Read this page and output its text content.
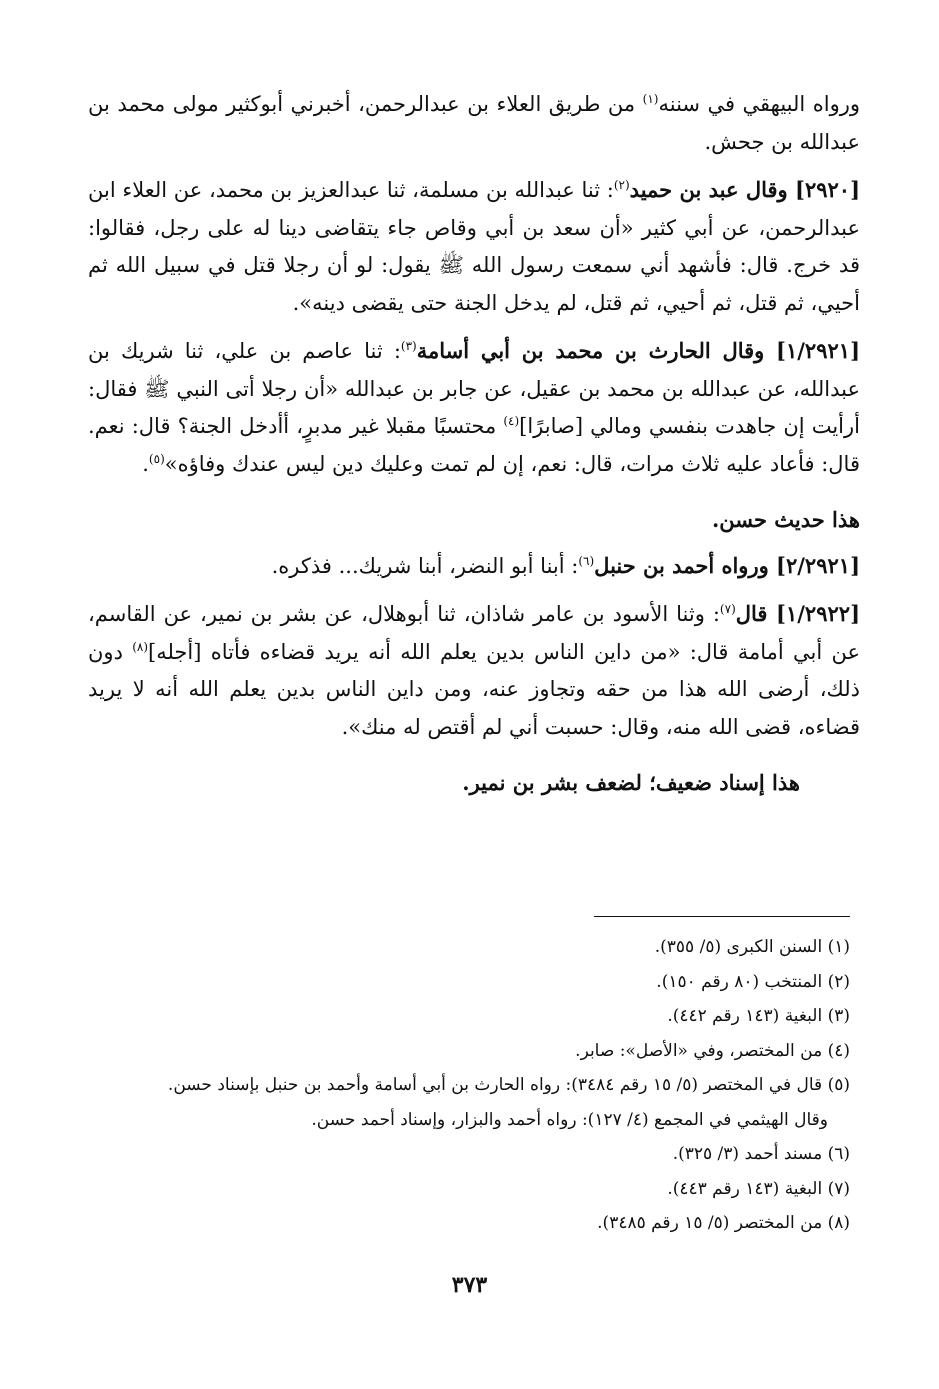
ورواه البيهقي في سننه$^{(١)}$ من طريق العلاء بن عبدالرحمن، أخبرني أبوكثير مولى محمد بن عبدالله بن جحش.

[٢٩٢٠] وقال عبد بن حميد$^{(٢)}$: ثنا عبدالله بن مسلمة، ثنا عبدالعزيز بن محمد، عن العلاء ابن عبدالرحمن، عن أبي كثير «أن سعد بن أبي وقاص جاء يتقاضى دينا له على رجل، فقالوا: قد خرج. قال: فأشهد أني سمعت رسول الله ﷺ يقول: لو أن رجلا قتل في سبيل الله ثم أحيي، ثم قتل، ثم أحيي، ثم قتل، لم يدخل الجنة حتى يقضى دينه».

[١/٢٩٢١] وقال الحارث بن محمد بن أبي أسامة$^{(٣)}$: ثنا عاصم بن علي، ثنا شريك بن عبدالله، عن عبدالله بن محمد بن عقيل، عن جابر بن عبدالله «أن رجلا أتى النبي ﷺ فقال: أرأيت إن جاهدت بنفسي ومالي [صابرًا]$^{(٤)}$ محتسبًا مقبلا غير مدبرٍ، أأدخل الجنة؟ قال: نعم. قال: فأعاد عليه ثلاث مرات، قال: نعم، إن لم تمت وعليك دين ليس عندك وفاؤه»$^{(٥)}$.

هذا حديث حسن.

[٢/٢٩٢١] ورواه أحمد بن حنبل$^{(٦)}$: أبنا أبو النضر، أبنا شريك... فذكره.

[١/٢٩٢٢] قال$^{(٧)}$: وثنا الأسود بن عامر شاذان، ثنا أبوهلال، عن بشر بن نمير، عن القاسم، عن أبي أمامة قال: «من داين الناس بدين يعلم الله أنه يريد قضاءه فأتاه [أجله]$^{(٨)}$ دون ذلك، أرضى الله هذا من حقه وتجاوز عنه، ومن داين الناس بدين يعلم الله أنه لا يريد قضاءه، قضى الله منه، وقال: حسبت أني لم أقتص له منك».

هذا إسناد ضعيف؛ لضعف بشر بن نمير.

(١) السنن الكبرى (٥/ ٣٥٥).

(٢) المنتخب (٨٠ رقم ١٥٠).

(٣) البغية (١٤٣ رقم ٤٤٢).

(٤) من المختصر، وفي «الأصل»: صابر.

(٥) قال في المختصر (٥/ ١٥ رقم ٣٤٨٤): رواه الحارث بن أبي أسامة وأحمد بن حنبل بإسناد حسن.

وقال الهيثمي في المجمع (٤/ ١٢٧): رواه أحمد والبزار، وإسناد أحمد حسن.

(٦) مسند أحمد (٣/ ٣٢٥).

(٧) البغية (١٤٣ رقم ٤٤٣).

(٨) من المختصر (٥/ ١٥ رقم ٣٤٨٥).

٣٧٣
